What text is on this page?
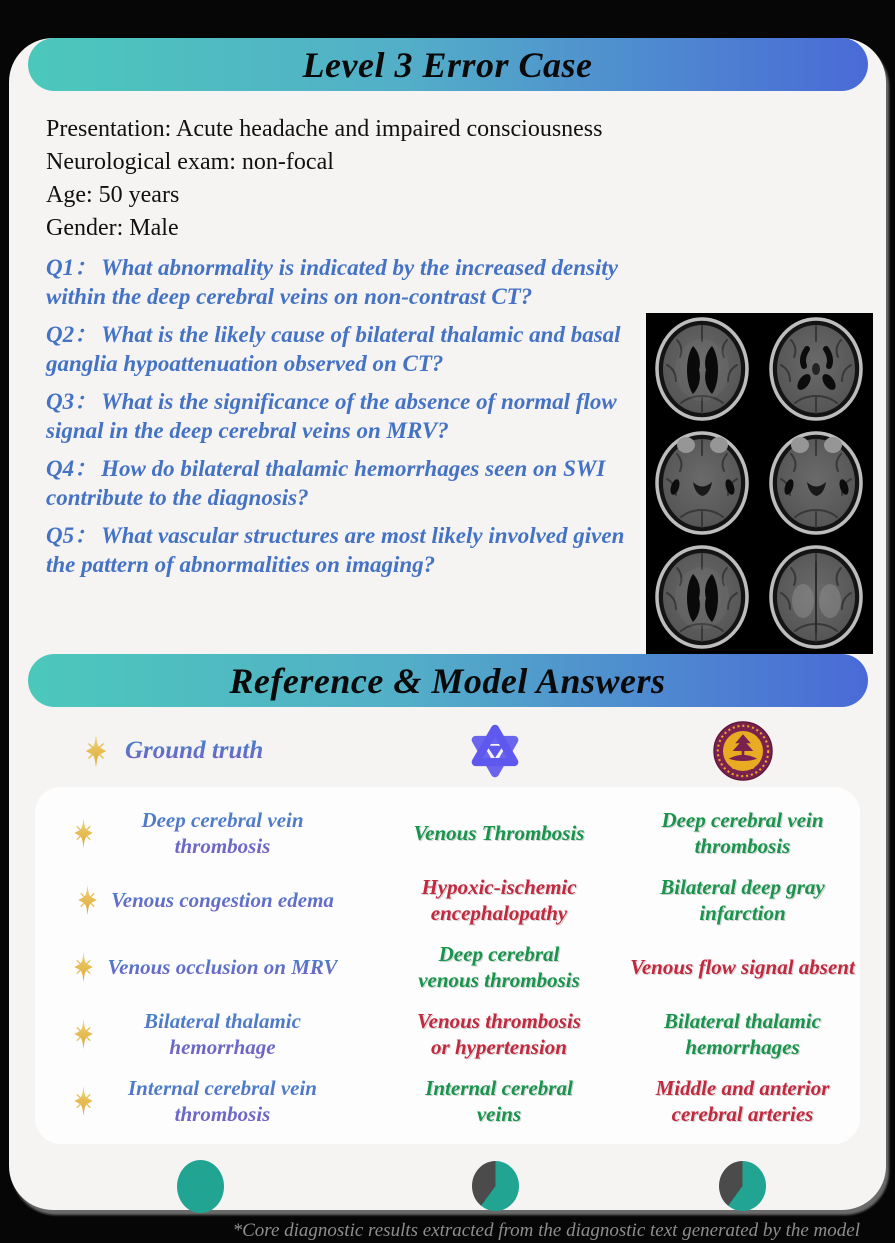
Level 3 Error Case
Presentation: Acute headache and impaired consciousness
Neurological exam: non-focal
Age: 50 years
Gender: Male

Q1： What abnormality is indicated by the increased density within the deep cerebral veins on non-contrast CT?

Q2： What is the likely cause of bilateral thalamic and basal ganglia hypoattenuation observed on CT?

Q3： What is the significance of the absence of normal flow signal in the deep cerebral veins on MRV?

Q4： How do bilateral thalamic hemorrhages seen on SWI contribute to the diagnosis?

Q5： What vascular structures are most likely involved given the pattern of abnormalities on imaging?

Reference & Model Answers
Ground truth
Deep cerebral vein thrombosis
Venous Thrombosis
Deep cerebral vein thrombosis
Venous congestion edema
Hypoxic-ischemic encephalopathy
Bilateral deep gray infarction
Venous occlusion on MRV
Deep cerebral venous thrombosis
Venous flow signal absent
Bilateral thalamic hemorrhage
Venous thrombosis or hypertension
Bilateral thalamic hemorrhages
Internal cerebral vein thrombosis
Internal cerebral veins
Middle and anterior cerebral arteries
*Core diagnostic results extracted from the diagnostic text generated by the model
